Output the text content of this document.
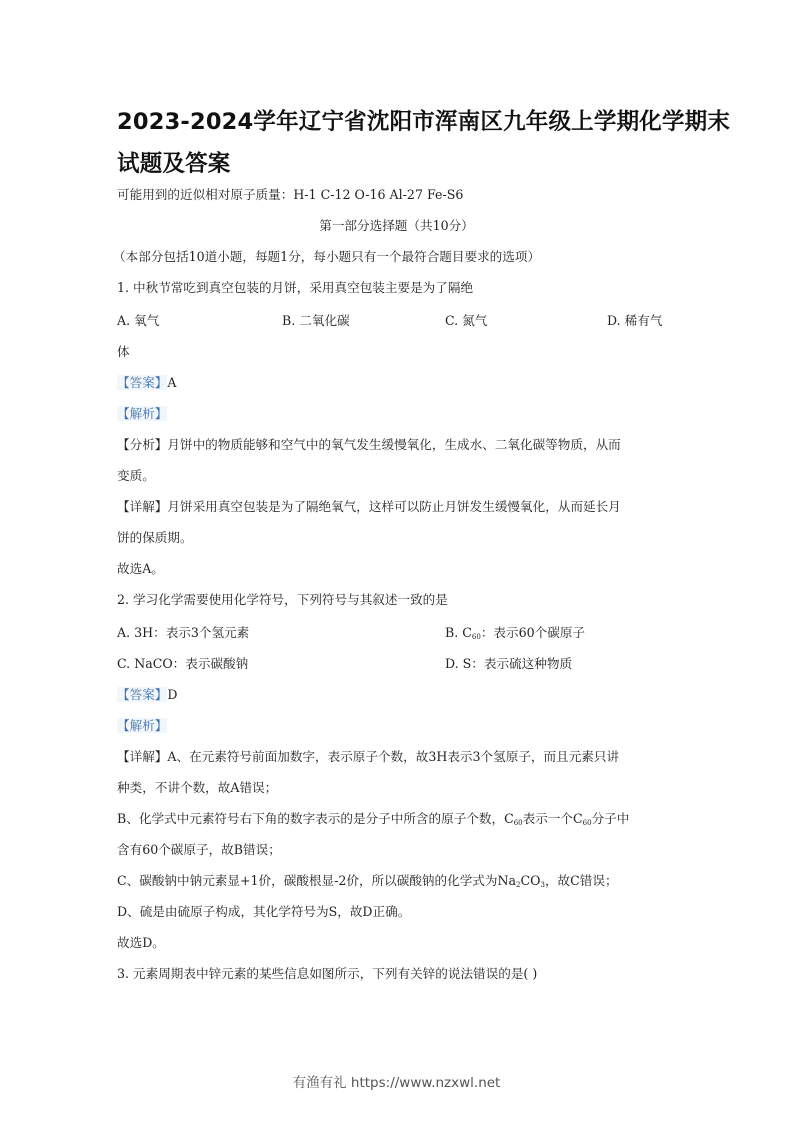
2023-2024学年辽宁省沈阳市浑南区九年级上学期化学期末
试题及答案
可能用到的近似相对原子质量：H-1 C-12 O-16 Al-27 Fe-S6
第一部分选择题（共10分）
（本部分包括10道小题，每题1分，每小题只有一个最符合题目要求的选项）
1. 中秋节常吃到真空包装的月饼，采用真空包装主要是为了隔绝
A. 氧气	B. 二氧化碳	C. 氮气	D. 稀有气
体
【答案】A
【解析】
【分析】月饼中的物质能够和空气中的氧气发生缓慢氧化，生成水、二氧化碳等物质，从而
变质。
【详解】月饼采用真空包装是为了隔绝氧气，这样可以防止月饼发生缓慢氧化，从而延长月
饼的保质期。
故选A。
2. 学习化学需要使用化学符号，下列符号与其叙述一致的是
A. 3H：表示3个氢元素	B. $C_{60}$：表示60个碳原子
C. NaCO：表示碳酸钠	D. S：表示硫这种物质
【答案】D
【解析】
【详解】A、在元素符号前面加数字，表示原子个数，故3H表示3个氢原子，而且元素只讲
种类，不讲个数，故A错误；
B、化学式中元素符号右下角的数字表示的是分子中所含的原子个数，$C_{60}$表示一个$C_{60}$分子中
含有60个碳原子，故B错误；
C、碳酸钠中钠元素显+1价，碳酸根显-2价，所以碳酸钠的化学式为$Na_2CO_3$，故C错误；
D、硫是由硫原子构成，其化学符号为S，故D正确。
故选D。
3. 元素周期表中锌元素的某些信息如图所示，下列有关锌的说法错误的是( )
有渔有礼 https://www.nzxwl.net
